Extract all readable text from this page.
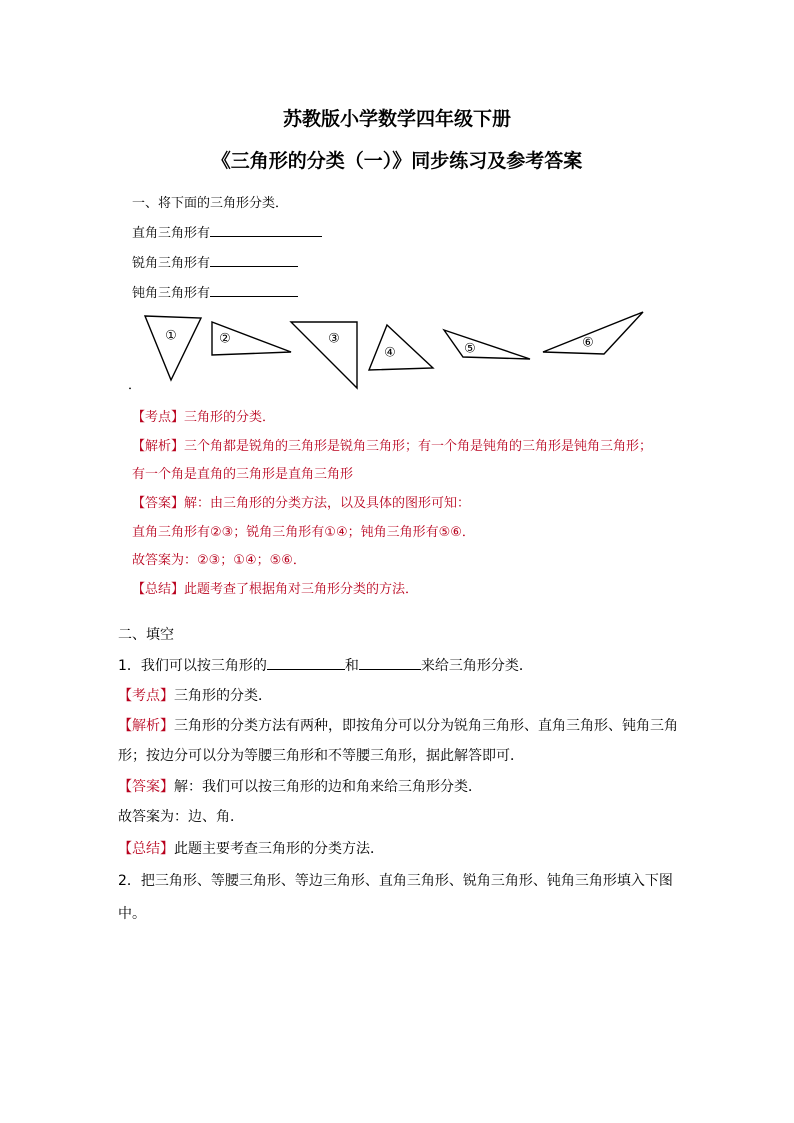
苏教版小学数学四年级下册
《三角形的分类（一）》同步练习及参考答案
一、将下面的三角形分类．
直角三角形有
锐角三角形有
钝角三角形有
①	②	③
④	⑤	⑥
．
【考点】三角形的分类．
【解析】三个角都是锐角的三角形是锐角三角形；有一个角是钝角的三角形是钝角三角形；
有一个角是直角的三角形是直角三角形
【答案】解：由三角形的分类方法，以及具体的图形可知：
直角三角形有②③；锐角三角形有①④；钝角三角形有⑤⑥．
故答案为：②③；①④；⑤⑥．
【总结】此题考查了根据角对三角形分类的方法．
二、填空
1．我们可以按三角形的	和	来给三角形分类．
【考点】三角形的分类．
【解析】三角形的分类方法有两种，即按角分可以分为锐角三角形、直角三角形、钝角三角
形；按边分可以分为等腰三角形和不等腰三角形，据此解答即可．
【答案】解：我们可以按三角形的边和角来给三角形分类．
故答案为：边、角．
【总结】此题主要考查三角形的分类方法．
2．把三角形、等腰三角形、等边三角形、直角三角形、锐角三角形、钝角三角形填入下图
中。
